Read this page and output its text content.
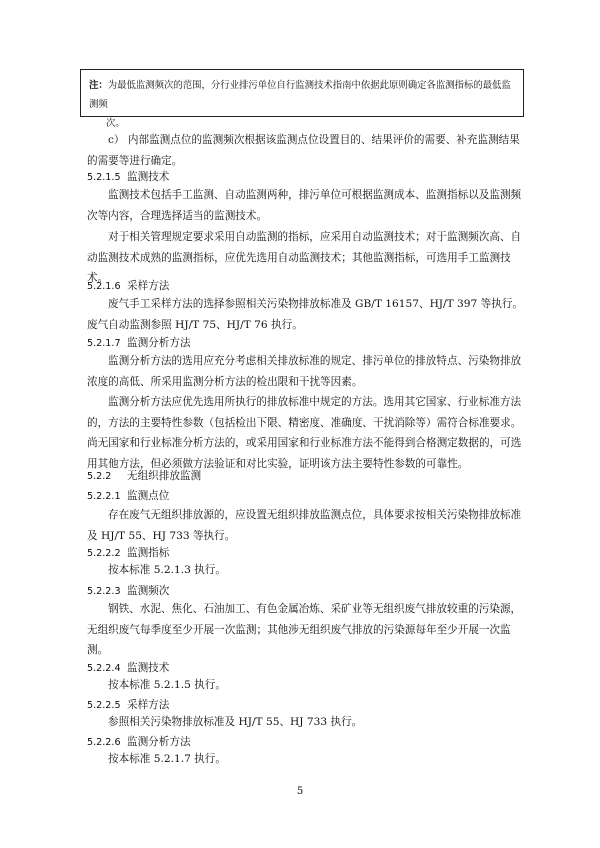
注：为最低监测频次的范围，分行业排污单位自行监测技术指南中依据此原则确定各监测指标的最低监测频
次。
c） 内部监测点位的监测频次根据该监测点位设置目的、结果评价的需要、补充监测结果的需要等进行确定。
5.2.1.5 监测技术
监测技术包括手工监测、自动监测两种，排污单位可根据监测成本、监测指标以及监测频次等内容，合理选择适当的监测技术。
对于相关管理规定要求采用自动监测的指标，应采用自动监测技术；对于监测频次高、自动监测技术成熟的监测指标，应优先选用自动监测技术；其他监测指标，可选用手工监测技术。
5.2.1.6 采样方法
废气手工采样方法的选择参照相关污染物排放标准及 GB/T 16157、HJ/T 397 等执行。废气自动监测参照 HJ/T 75、HJ/T 76 执行。
5.2.1.7 监测分析方法
监测分析方法的选用应充分考虑相关排放标准的规定、排污单位的排放特点、污染物排放浓度的高低、所采用监测分析方法的检出限和干扰等因素。
监测分析方法应优先选用所执行的排放标准中规定的方法。选用其它国家、行业标准方法的，方法的主要特性参数（包括检出下限、精密度、准确度、干扰消除等）需符合标准要求。尚无国家和行业标准分析方法的，或采用国家和行业标准方法不能得到合格测定数据的，可选用其他方法，但必须做方法验证和对比实验，证明该方法主要特性参数的可靠性。
5.2.2 无组织排放监测
5.2.2.1 监测点位
存在废气无组织排放源的，应设置无组织排放监测点位，具体要求按相关污染物排放标准及 HJ/T 55、HJ 733 等执行。
5.2.2.2 监测指标
按本标准 5.2.1.3 执行。
5.2.2.3 监测频次
钢铁、水泥、焦化、石油加工、有色金属冶炼、采矿业等无组织废气排放较重的污染源，无组织废气每季度至少开展一次监测；其他涉无组织废气排放的污染源每年至少开展一次监测。
5.2.2.4 监测技术
按本标准 5.2.1.5 执行。
5.2.2.5 采样方法
参照相关污染物排放标准及 HJ/T 55、HJ 733 执行。
5.2.2.6 监测分析方法
按本标准 5.2.1.7 执行。
5
